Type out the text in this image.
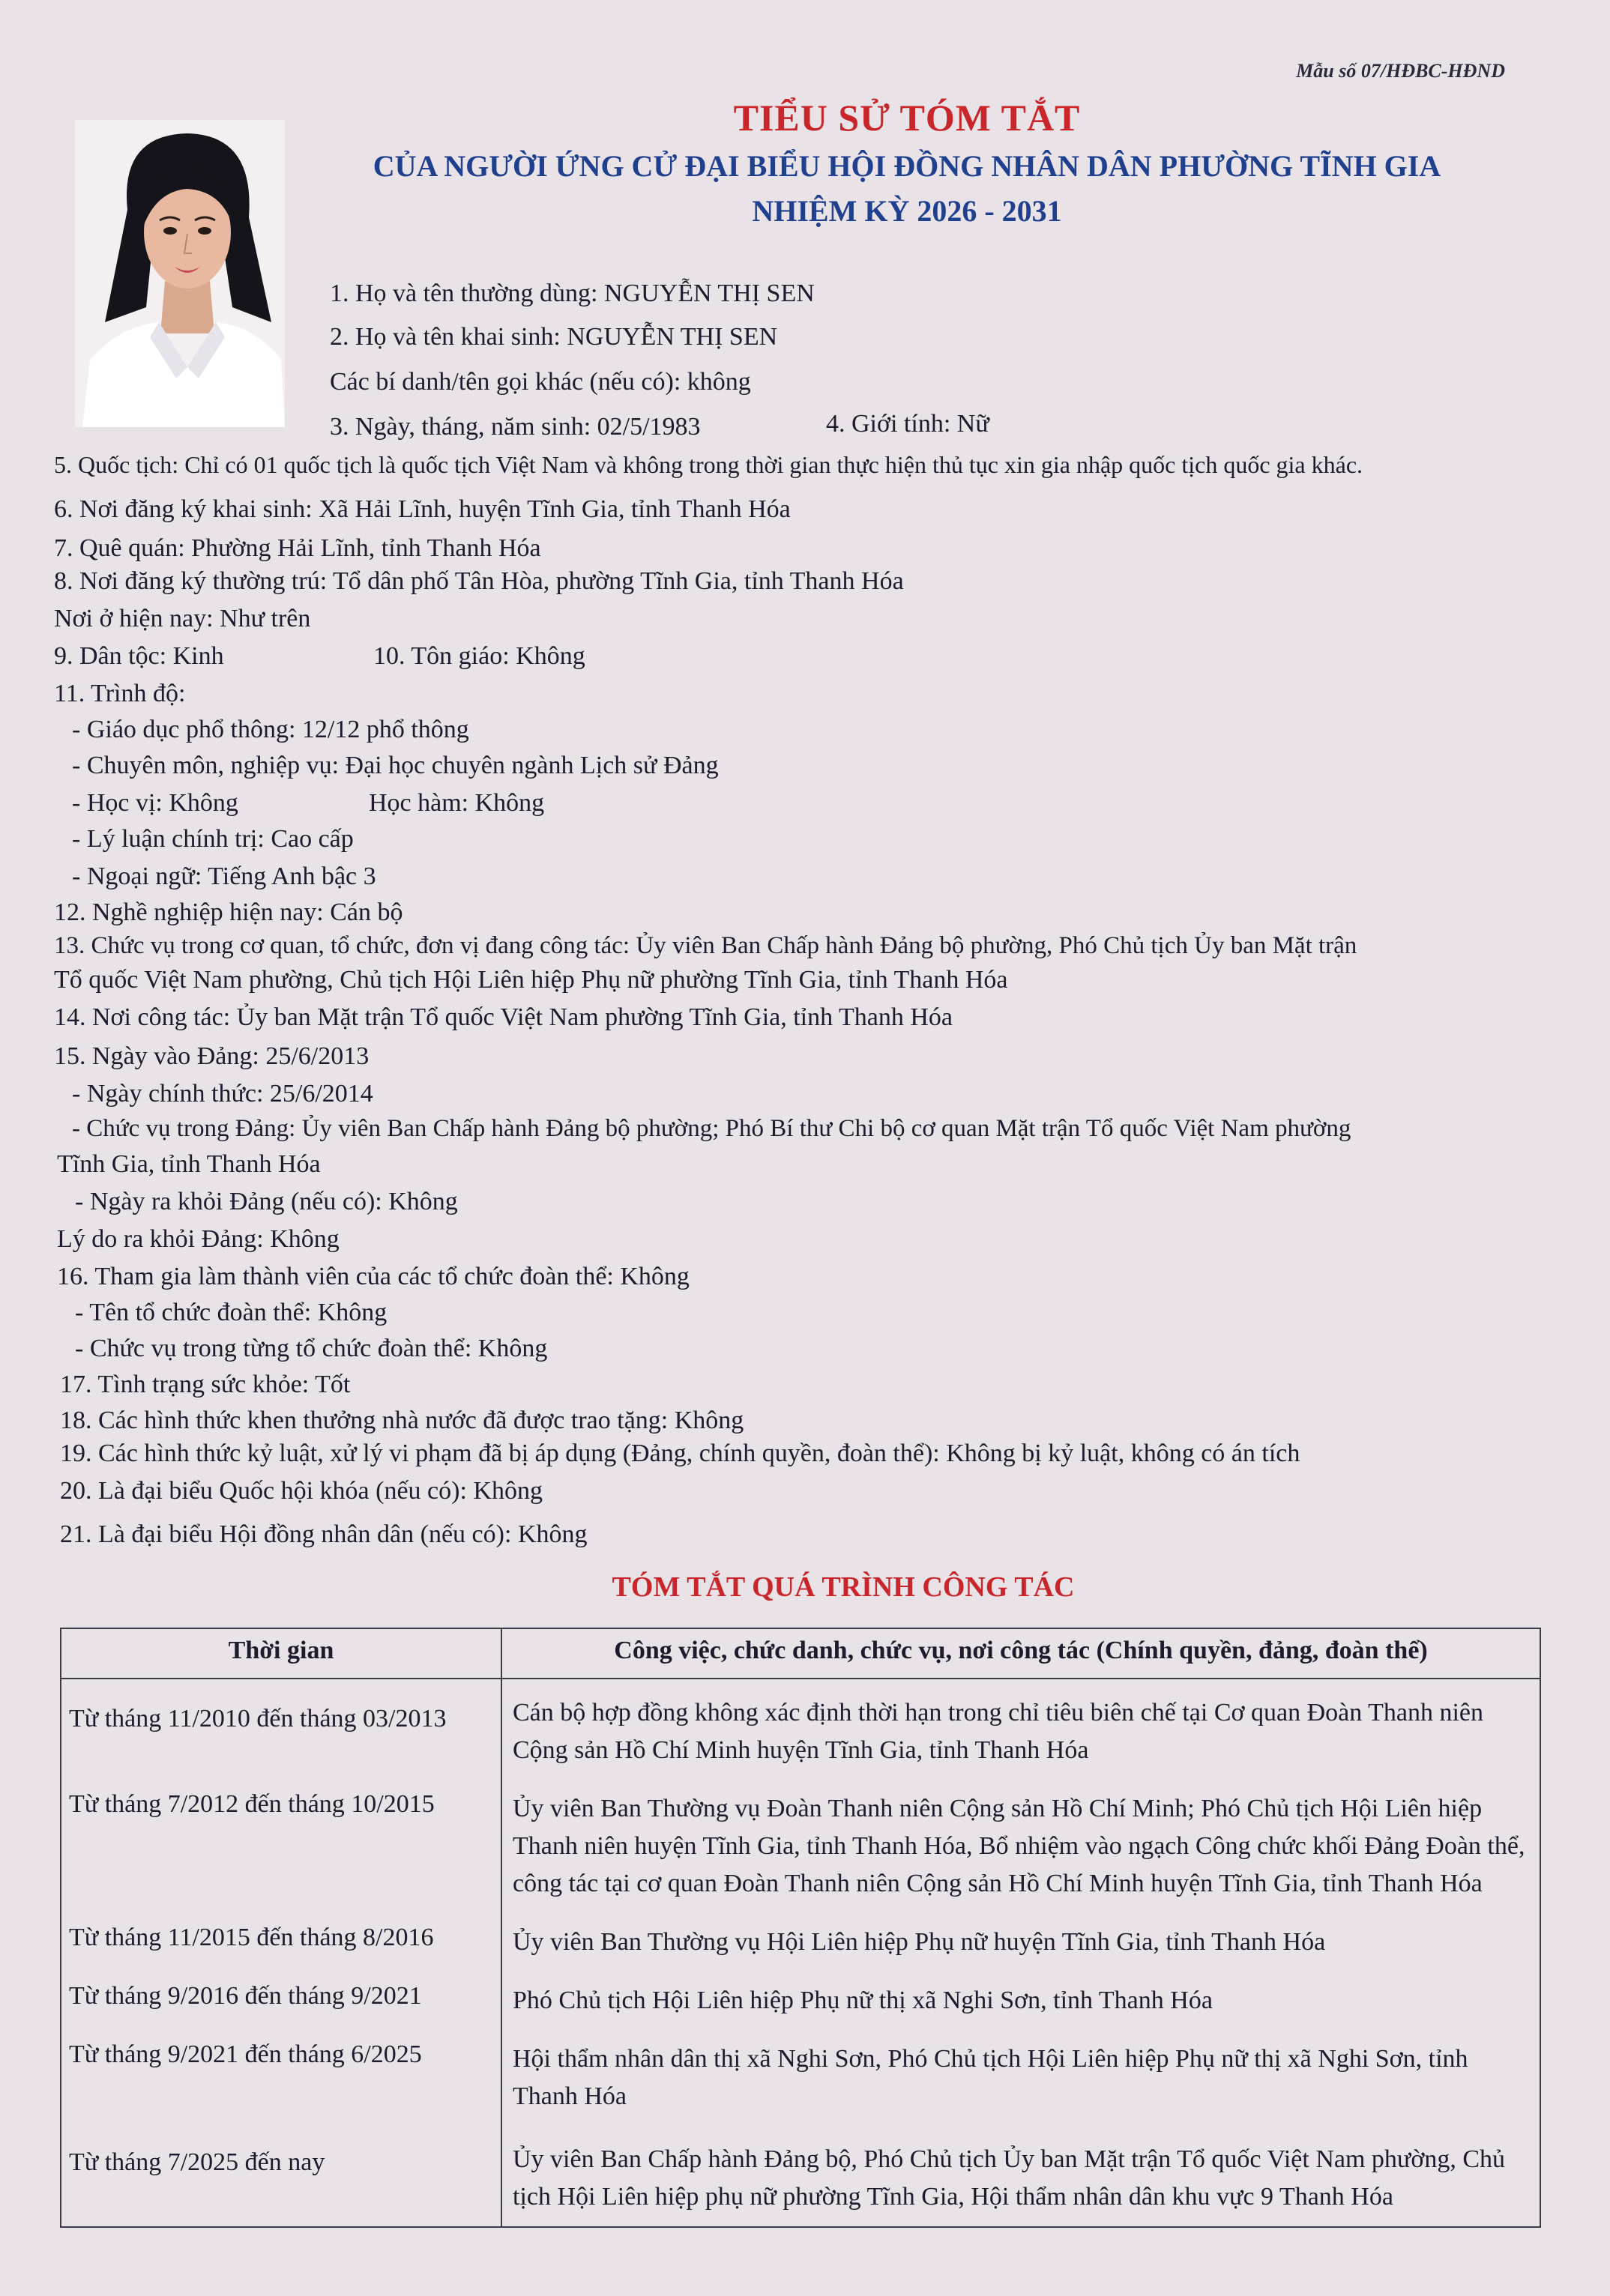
Mẫu số 07/HĐBC-HĐND
TIỂU SỬ TÓM TẮT
CỦA NGƯỜI ỨNG CỬ ĐẠI BIỂU HỘI ĐỒNG NHÂN DÂN PHƯỜNG TĨNH GIA
NHIỆM KỲ 2026 - 2031
1. Họ và tên thường dùng: NGUYỄN THỊ SEN
2. Họ và tên khai sinh: NGUYỄN THỊ SEN
Các bí danh/tên gọi khác (nếu có): không
3. Ngày, tháng, năm sinh: 02/5/1983	4. Giới tính: Nữ
5. Quốc tịch: Chỉ có 01 quốc tịch là quốc tịch Việt Nam và không trong thời gian thực hiện thủ tục xin gia nhập quốc tịch quốc gia khác.
6. Nơi đăng ký khai sinh: Xã Hải Lĩnh, huyện Tĩnh Gia, tỉnh Thanh Hóa
7. Quê quán: Phường Hải Lĩnh, tỉnh Thanh Hóa
8. Nơi đăng ký thường trú: Tổ dân phố Tân Hòa, phường Tĩnh Gia, tỉnh Thanh Hóa
Nơi ở hiện nay: Như trên
9. Dân tộc: Kinh	10. Tôn giáo: Không
11. Trình độ:
- Giáo dục phổ thông: 12/12 phổ thông
- Chuyên môn, nghiệp vụ: Đại học chuyên ngành Lịch sử Đảng
- Học vị: Không	Học hàm: Không
- Lý luận chính trị: Cao cấp
- Ngoại ngữ: Tiếng Anh bậc 3
12. Nghề nghiệp hiện nay: Cán bộ
13. Chức vụ trong cơ quan, tổ chức, đơn vị đang công tác: Ủy viên Ban Chấp hành Đảng bộ phường, Phó Chủ tịch Ủy ban Mặt trận
Tổ quốc Việt Nam phường, Chủ tịch Hội Liên hiệp Phụ nữ phường Tĩnh Gia, tỉnh Thanh Hóa
14. Nơi công tác: Ủy ban Mặt trận Tổ quốc Việt Nam phường Tĩnh Gia, tỉnh Thanh Hóa
15. Ngày vào Đảng: 25/6/2013
- Ngày chính thức: 25/6/2014
- Chức vụ trong Đảng: Ủy viên Ban Chấp hành Đảng bộ phường; Phó Bí thư Chi bộ cơ quan Mặt trận Tổ quốc Việt Nam phường
Tĩnh Gia, tỉnh Thanh Hóa
- Ngày ra khỏi Đảng (nếu có): Không
Lý do ra khỏi Đảng: Không
16. Tham gia làm thành viên của các tổ chức đoàn thể: Không
- Tên tổ chức đoàn thể: Không
- Chức vụ trong từng tổ chức đoàn thể: Không
17. Tình trạng sức khỏe: Tốt
18. Các hình thức khen thưởng nhà nước đã được trao tặng: Không
19. Các hình thức kỷ luật, xử lý vi phạm đã bị áp dụng (Đảng, chính quyền, đoàn thể): Không bị kỷ luật, không có án tích
20. Là đại biểu Quốc hội khóa (nếu có): Không
21. Là đại biểu Hội đồng nhân dân (nếu có): Không
TÓM TẮT QUÁ TRÌNH CÔNG TÁC
Thời gian	Công việc, chức danh, chức vụ, nơi công tác (Chính quyền, đảng, đoàn thể)
Từ tháng 11/2010 đến tháng 03/2013	Cán bộ hợp đồng không xác định thời hạn trong chỉ tiêu biên chế tại Cơ quan Đoàn Thanh niên Cộng sản Hồ Chí Minh huyện Tĩnh Gia, tỉnh Thanh Hóa
Từ tháng 7/2012 đến tháng 10/2015	Ủy viên Ban Thường vụ Đoàn Thanh niên Cộng sản Hồ Chí Minh; Phó Chủ tịch Hội Liên hiệp Thanh niên huyện Tĩnh Gia, tỉnh Thanh Hóa, Bổ nhiệm vào ngạch Công chức khối Đảng Đoàn thể, công tác tại cơ quan Đoàn Thanh niên Cộng sản Hồ Chí Minh huyện Tĩnh Gia, tỉnh Thanh Hóa
Từ tháng 11/2015 đến tháng 8/2016	Ủy viên Ban Thường vụ Hội Liên hiệp Phụ nữ huyện Tĩnh Gia, tỉnh Thanh Hóa
Từ tháng 9/2016 đến tháng 9/2021	Phó Chủ tịch Hội Liên hiệp Phụ nữ thị xã Nghi Sơn, tỉnh Thanh Hóa
Từ tháng 9/2021 đến tháng 6/2025	Hội thẩm nhân dân thị xã Nghi Sơn, Phó Chủ tịch Hội Liên hiệp Phụ nữ thị xã Nghi Sơn, tỉnh Thanh Hóa
Từ tháng 7/2025 đến nay	Ủy viên Ban Chấp hành Đảng bộ, Phó Chủ tịch Ủy ban Mặt trận Tổ quốc Việt Nam phường, Chủ tịch Hội Liên hiệp phụ nữ phường Tĩnh Gia, Hội thẩm nhân dân khu vực 9 Thanh Hóa
